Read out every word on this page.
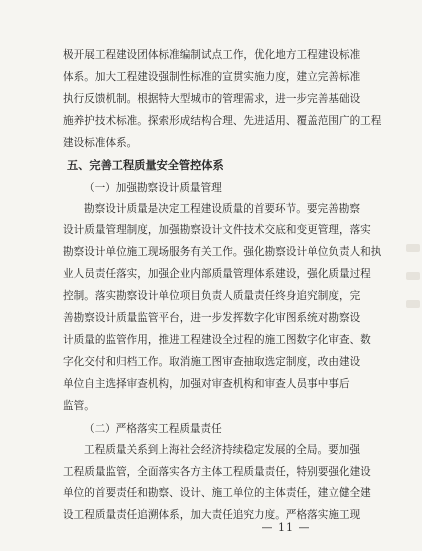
极开展工程建设团体标准编制试点工作，优化地方工程建设标准

体系。加大工程建设强制性标准的宣贯实施力度，建立完善标准

执行反馈机制。根据特大型城市的管理需求，进一步完善基础设

施养护技术标准。探索形成结构合理、先进适用、覆盖范围广的工程

建设标准体系。

五、完善工程质量安全管控体系

（一）加强勘察设计质量管理

勘察设计质量是决定工程建设质量的首要环节。要完善勘察

设计质量管理制度，加强勘察设计文件技术交底和变更管理，落实

勘察设计单位施工现场服务有关工作。强化勘察设计单位负责人和执

业人员责任落实，加强企业内部质量管理体系建设，强化质量过程

控制。落实勘察设计单位项目负责人质量责任终身追究制度，完

善勘察设计质量监管平台，进一步发挥数字化审图系统对勘察设

计质量的监管作用，推进工程建设全过程的施工图数字化审查、数

字化交付和归档工作。取消施工图审查抽取选定制度，改由建设

单位自主选择审查机构，加强对审查机构和审查人员事中事后

监管。

（二）严格落实工程质量责任

工程质量关系到上海社会经济持续稳定发展的全局。要加强

工程质量监管，全面落实各方主体工程质量责任，特别要强化建设

单位的首要责任和勘察、设计、施工单位的主体责任，建立健全建

设工程质量责任追溯体系，加大责任追究力度。严格落实施工现

— 11 —
